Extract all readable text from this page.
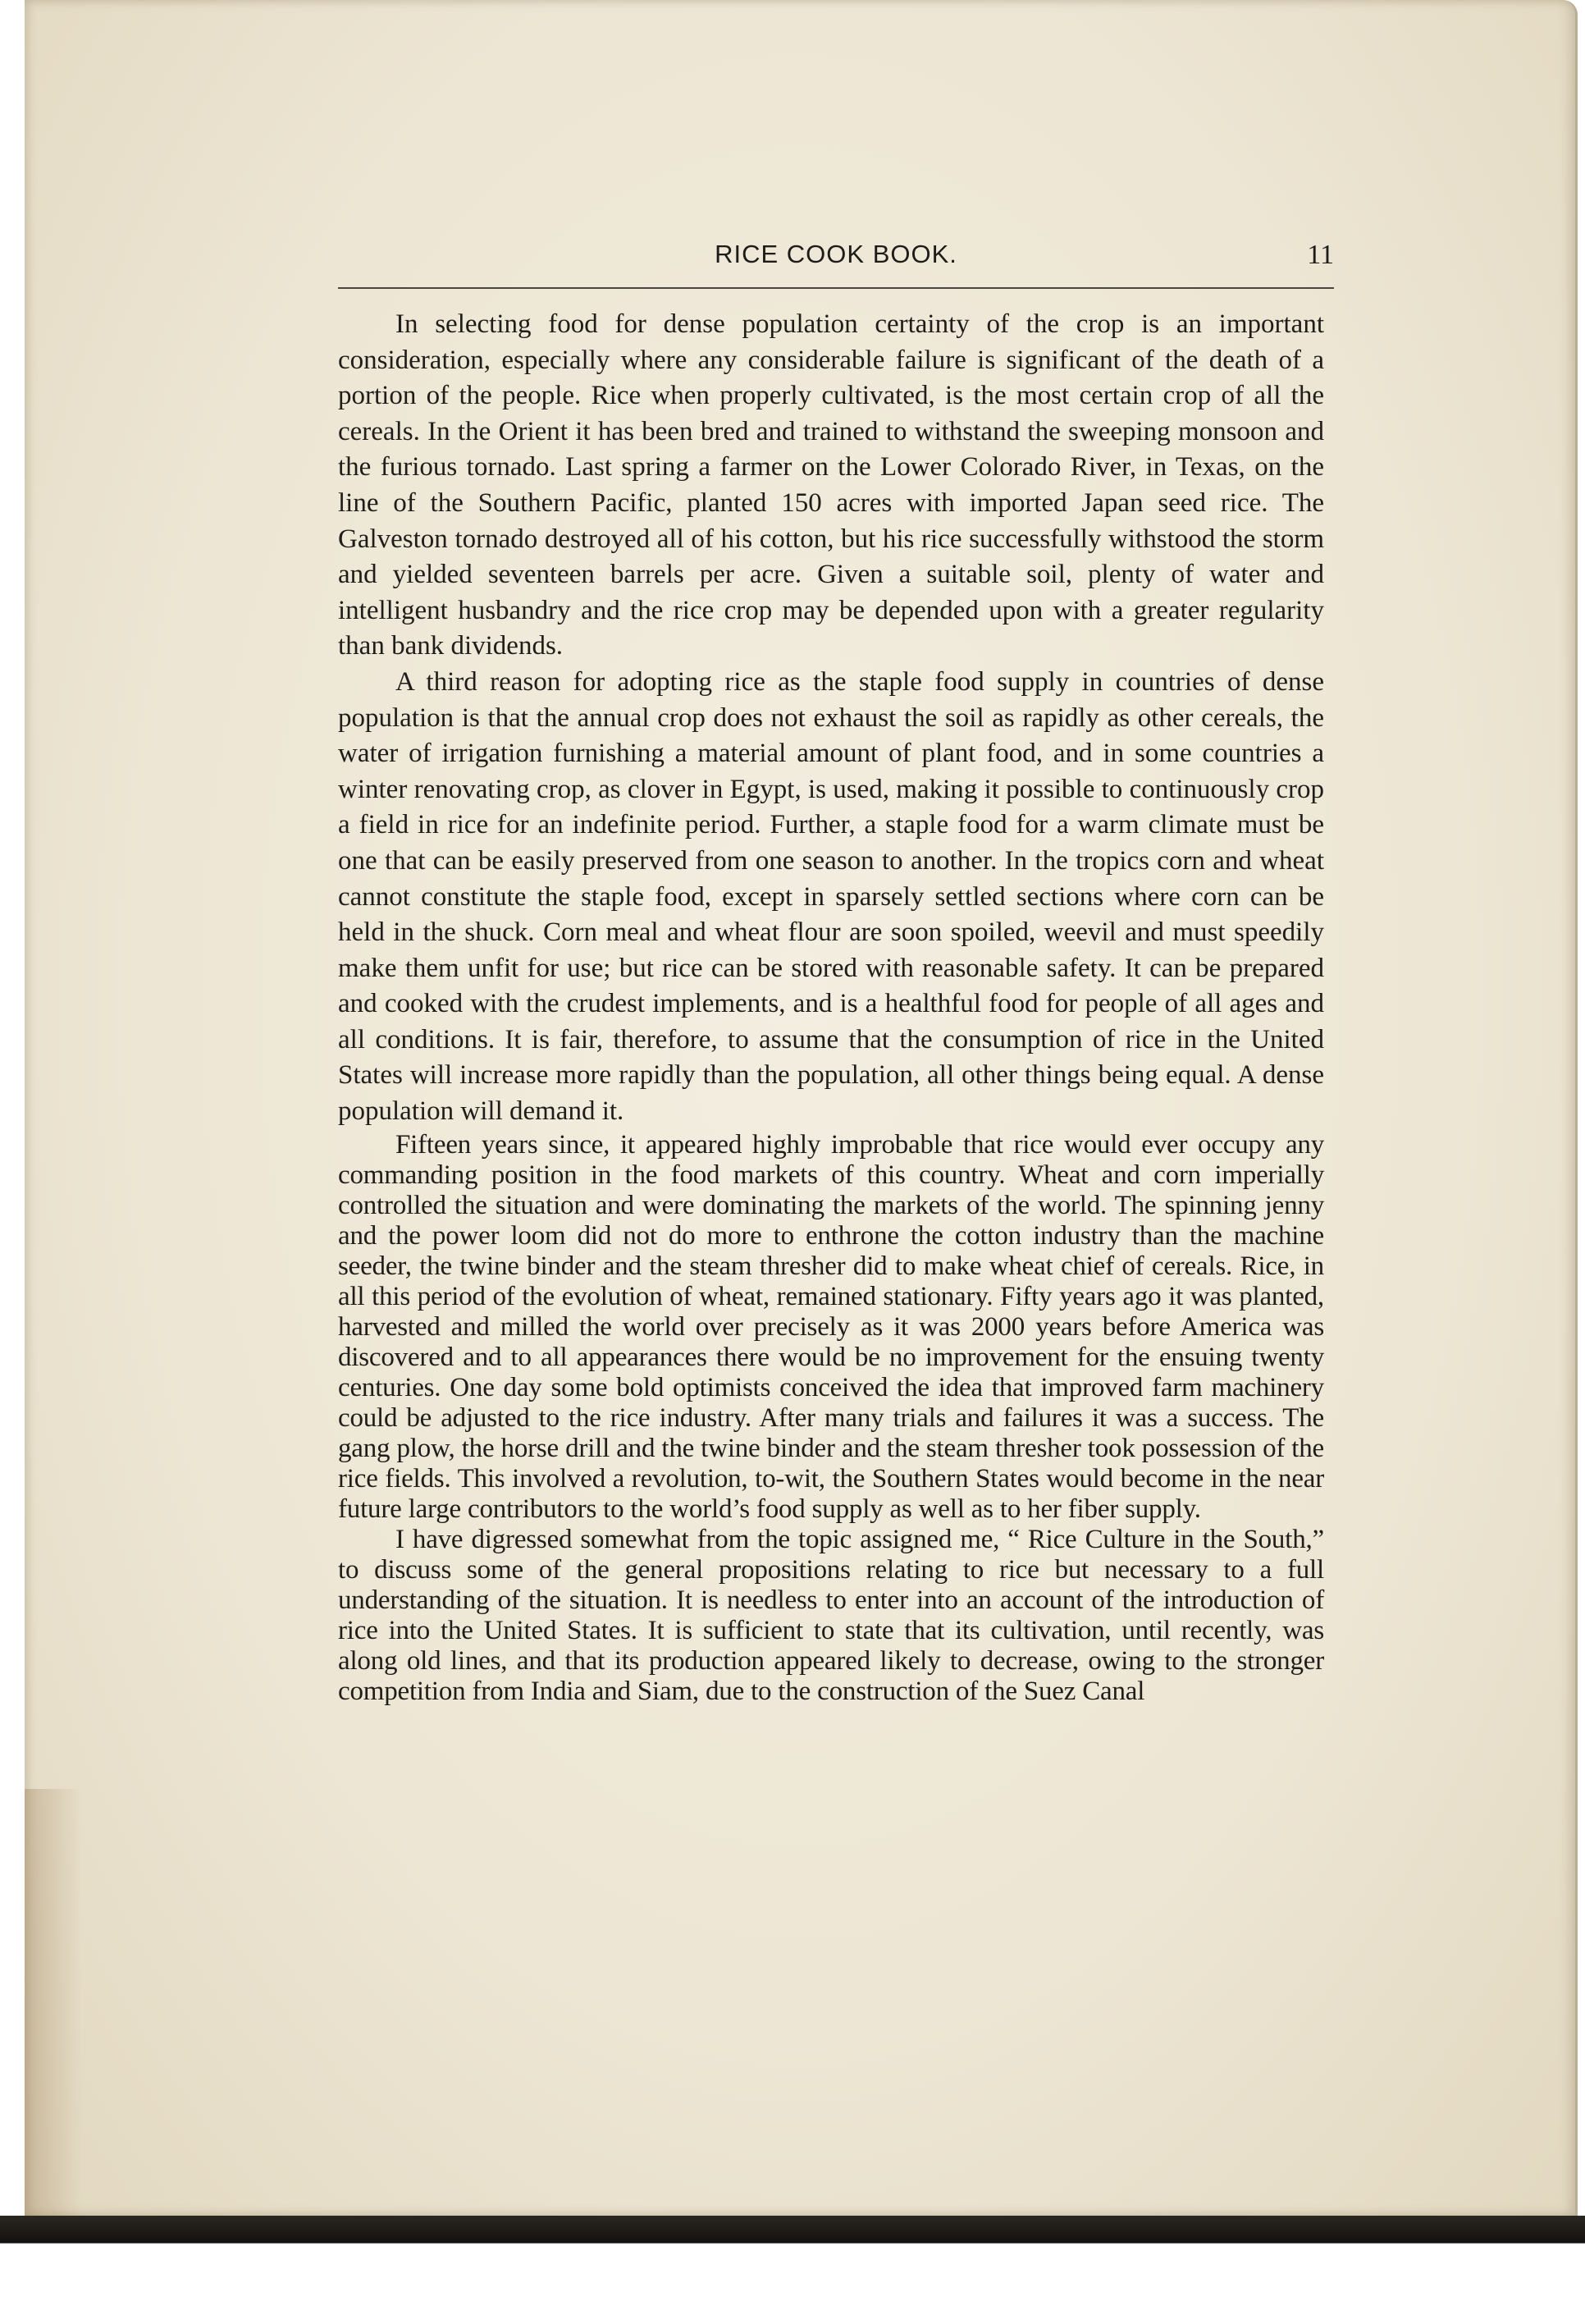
RICE COOK BOOK.	11

In selecting food for dense population certainty of the crop is an important consideration, especially where any considerable failure is significant of the death of a portion of the people. Rice when properly cultivated, is the most certain crop of all the cereals. In the Orient it has been bred and trained to withstand the sweeping monsoon and the furious tornado. Last spring a farmer on the Lower Colorado River, in Texas, on the line of the Southern Pacific, planted 150 acres with imported Japan seed rice. The Galveston tornado destroyed all of his cotton, but his rice successfully withstood the storm and yielded seventeen barrels per acre. Given a suitable soil, plenty of water and intelligent husbandry and the rice crop may be depended upon with a greater regularity than bank dividends.

A third reason for adopting rice as the staple food supply in countries of dense population is that the annual crop does not exhaust the soil as rapidly as other cereals, the water of irrigation furnishing a material amount of plant food, and in some countries a winter renovating crop, as clover in Egypt, is used, making it possible to continuously crop a field in rice for an indefinite period. Further, a staple food for a warm climate must be one that can be easily preserved from one season to another. In the tropics corn and wheat cannot constitute the staple food, except in sparsely settled sections where corn can be held in the shuck. Corn meal and wheat flour are soon spoiled, weevil and must speedily make them unfit for use; but rice can be stored with reasonable safety. It can be prepared and cooked with the crudest implements, and is a healthful food for people of all ages and all conditions. It is fair, therefore, to assume that the consumption of rice in the United States will increase more rapidly than the population, all other things being equal. A dense population will demand it.

Fifteen years since, it appeared highly improbable that rice would ever occupy any commanding position in the food markets of this country. Wheat and corn imperially controlled the situation and were dominating the markets of the world. The spinning jenny and the power loom did not do more to enthrone the cotton industry than the machine seeder, the twine binder and the steam thresher did to make wheat chief of cereals. Rice, in all this period of the evolution of wheat, remained stationary. Fifty years ago it was planted, harvested and milled the world over precisely as it was 2000 years before America was discovered and to all appearances there would be no improvement for the ensuing twenty centuries. One day some bold optimists conceived the idea that improved farm machinery could be adjusted to the rice industry. After many trials and failures it was a success. The gang plow, the horse drill and the twine binder and the steam thresher took possession of the rice fields. This involved a revolution, to-wit, the Southern States would become in the near future large contributors to the world’s food supply as well as to her fiber supply.

I have digressed somewhat from the topic assigned me, “ Rice Culture in the South,” to discuss some of the general propositions relating to rice but necessary to a full understanding of the situation. It is needless to enter into an account of the introduction of rice into the United States. It is sufficient to state that its cultivation, until recently, was along old lines, and that its production appeared likely to decrease, owing to the stronger competition from India and Siam, due to the construction of the Suez Canal
